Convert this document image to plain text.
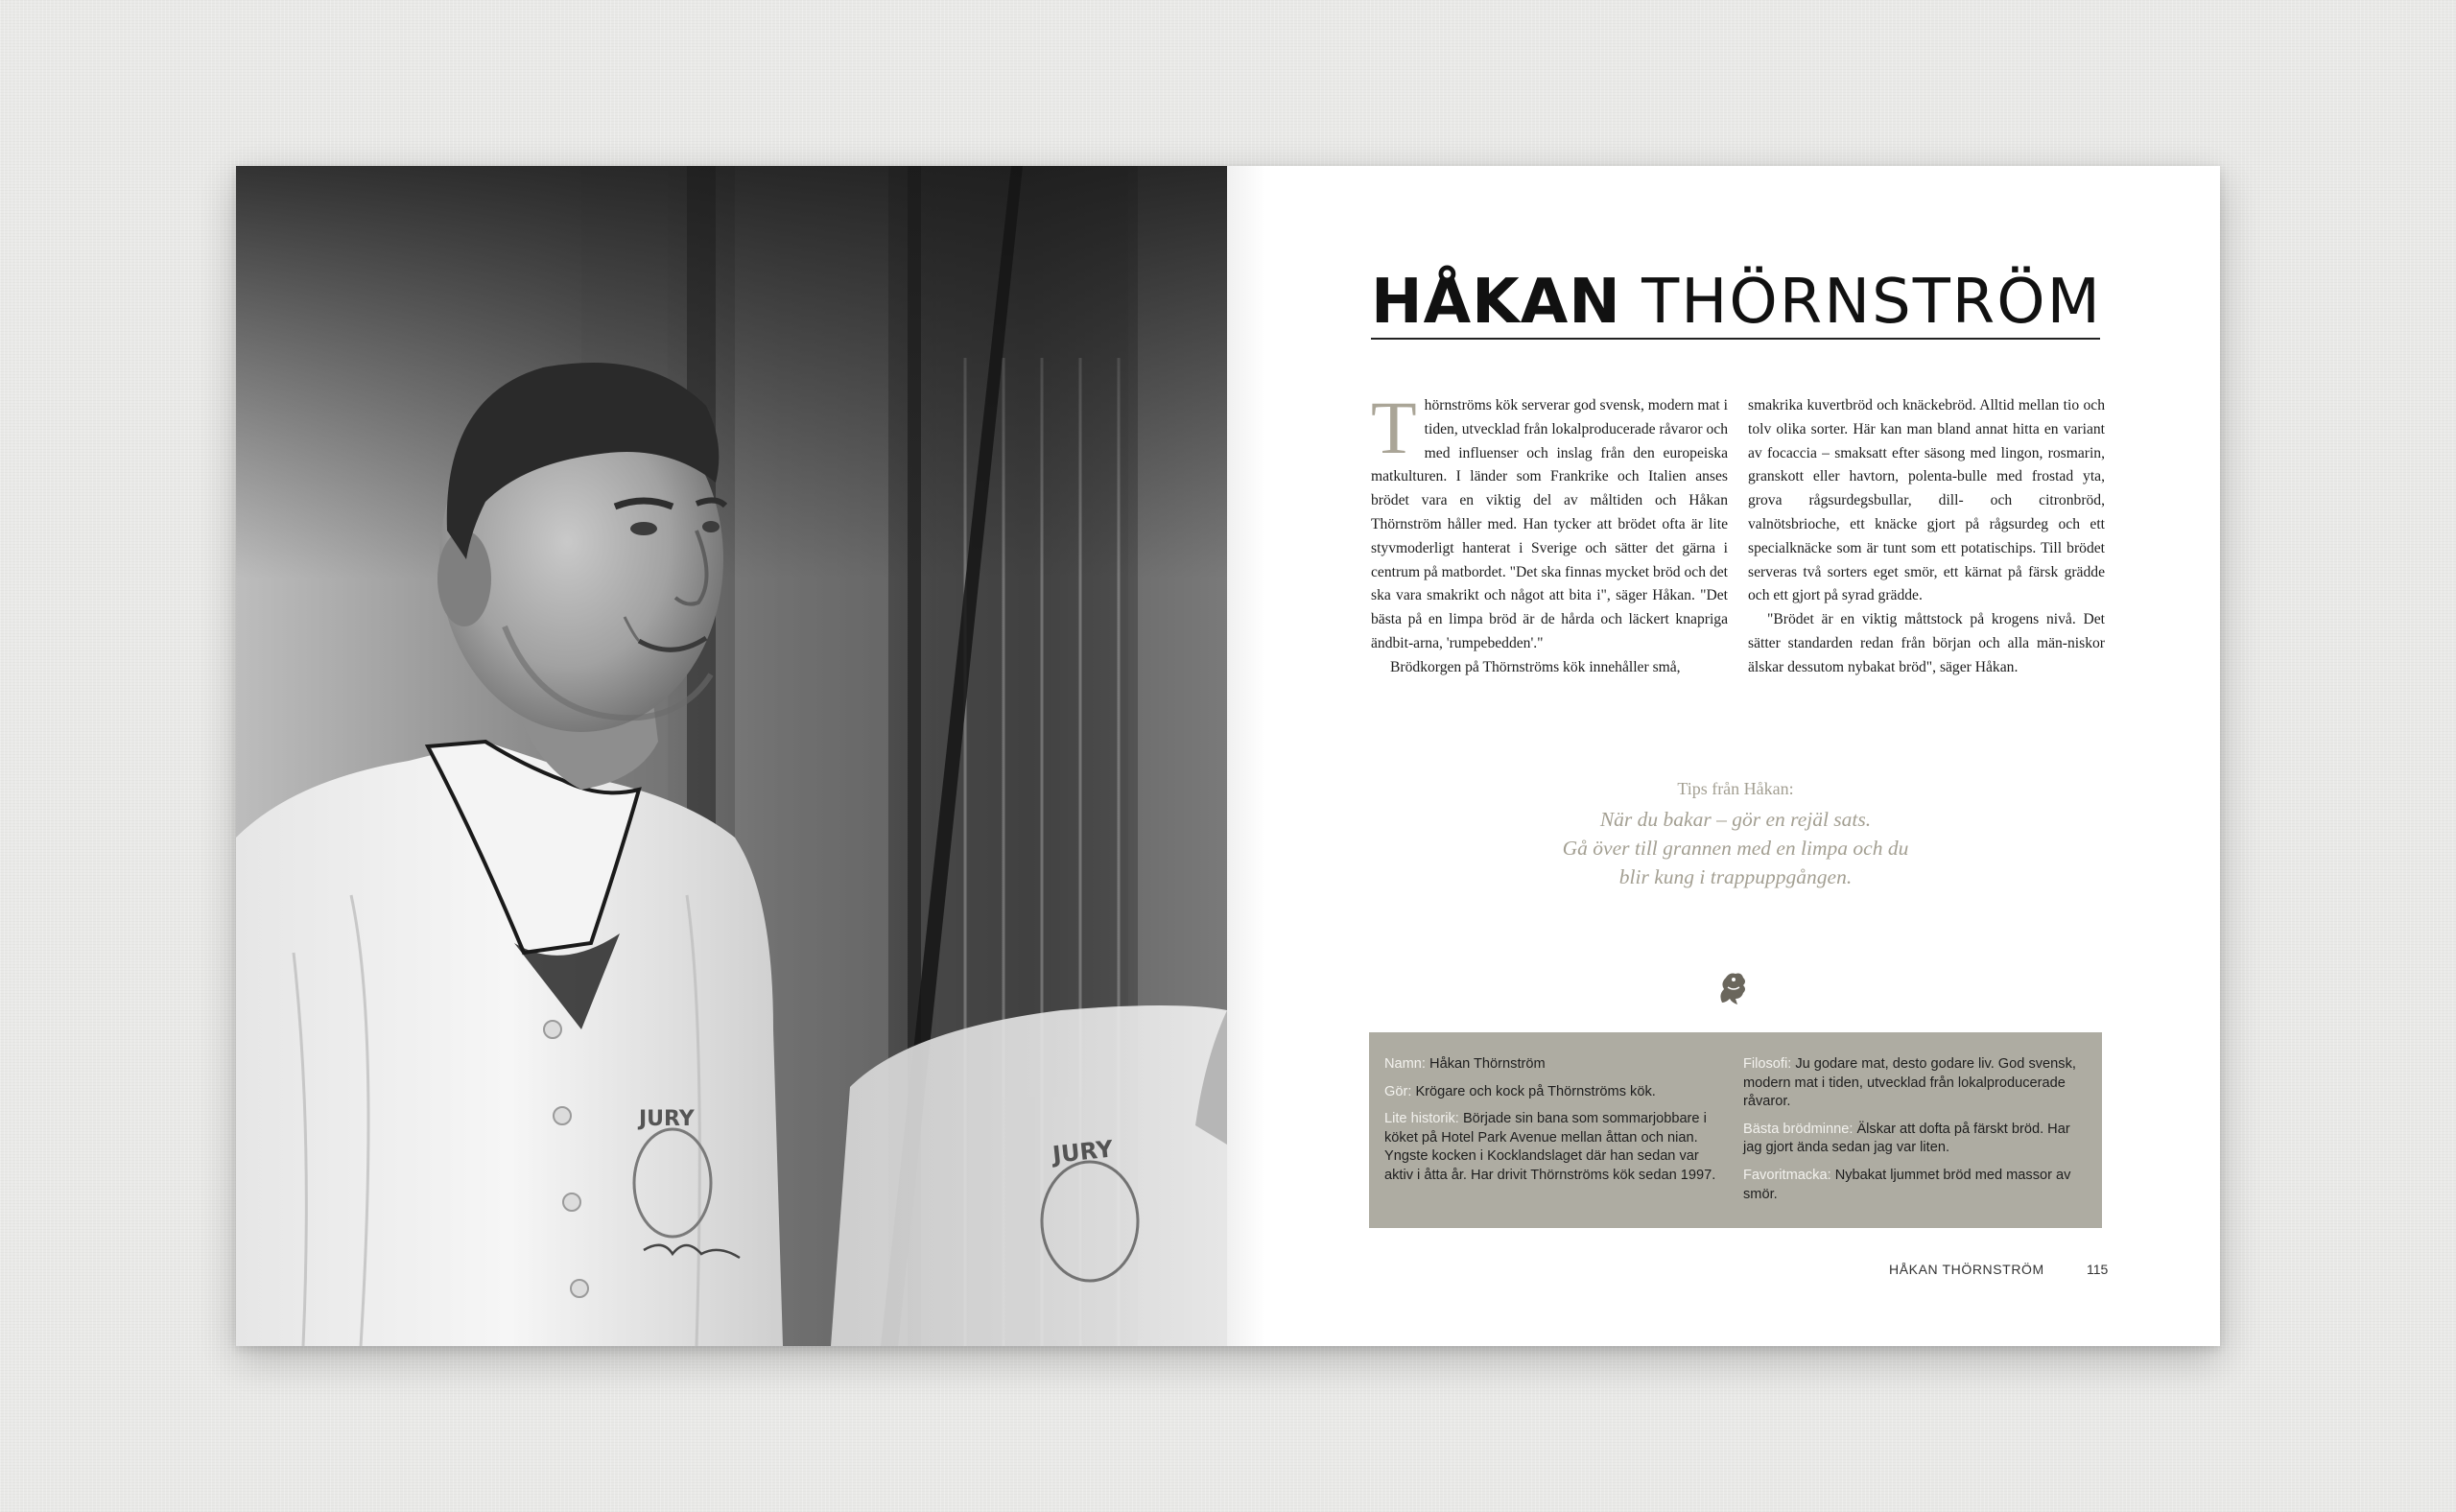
JURY
JURY
HÅKAN THÖRNSTRÖM

Thörnströms kök serverar god svensk, modern mat i tiden, utvecklad från lokalproducerade råvaror och med influenser och inslag från den europeiska matkulturen. I länder som Frankrike och Italien anses brödet vara en viktig del av måltiden och Håkan Thörnström håller med. Han tycker att brödet ofta är lite styvmoderligt hanterat i Sverige och sätter det gärna i centrum på matbordet. "Det ska finnas mycket bröd och det ska vara smakrikt och något att bita i", säger Håkan. "Det bästa på en limpa bröd är de hårda och läckert knapriga ändbit-arna, 'rumpebedden'."

Brödkorgen på Thörnströms kök innehåller små,

smakrika kuvertbröd och knäckebröd. Alltid mellan tio och tolv olika sorter. Här kan man bland annat hitta en variant av focaccia – smaksatt efter säsong med lingon, rosmarin, granskott eller havtorn, polenta-bulle med frostad yta, grova rågsurdegsbullar, dill- och citronbröd, valnötsbrioche, ett knäcke gjort på rågsurdeg och ett specialknäcke som är tunt som ett potatischips. Till brödet serveras två sorters eget smör, ett kärnat på färsk grädde och ett gjort på syrad grädde.

"Brödet är en viktig måttstock på krogens nivå. Det sätter standarden redan från början och alla män-niskor älskar dessutom nybakat bröd", säger Håkan.

Tips från Håkan:
När du bakar – gör en rejäl sats.
Gå över till grannen med en limpa och du
blir kung i trappuppgången.
Namn: Håkan Thörnström
Gör: Krögare och kock på Thörnströms kök.
Lite historik: Började sin bana som sommarjobbare i köket på Hotel Park Avenue mellan åttan och nian. Yngste kocken i Kocklandslaget där han sedan var aktiv i åtta år. Har drivit Thörnströms kök sedan 1997.
Filosofi: Ju godare mat, desto godare liv. God svensk, modern mat i tiden, utvecklad från lokalproducerade råvaror.
Bästa brödminne: Älskar att dofta på färskt bröd. Har jag gjort ända sedan jag var liten.
Favoritmacka: Nybakat ljummet bröd med massor av smör.
HÅKAN THÖRNSTRÖM	115
